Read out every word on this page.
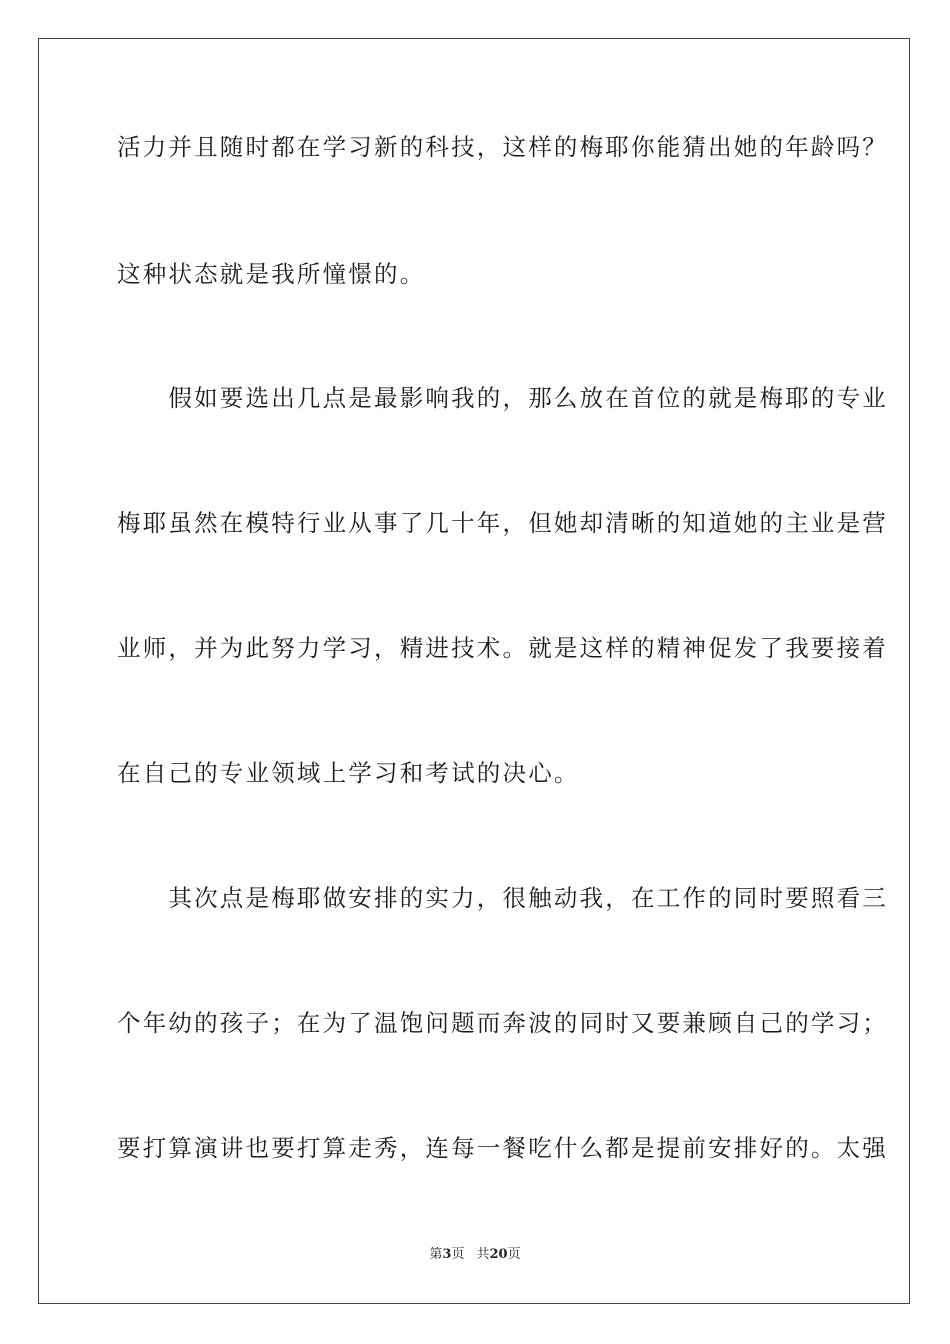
活力并且随时都在学习新的科技，这样的梅耶你能猜出她的年龄吗？
这种状态就是我所憧憬的。
　　假如要选出几点是最影响我的，那么放在首位的就是梅耶的专业
梅耶虽然在模特行业从事了几十年，但她却清晰的知道她的主业是营
业师，并为此努力学习，精进技术。就是这样的精神促发了我要接着
在自己的专业领域上学习和考试的决心。
　　其次点是梅耶做安排的实力，很触动我，在工作的同时要照看三
个年幼的孩子；在为了温饱问题而奔波的同时又要兼顾自己的学习；
要打算演讲也要打算走秀，连每一餐吃什么都是提前安排好的。太强
第3页 共20页
